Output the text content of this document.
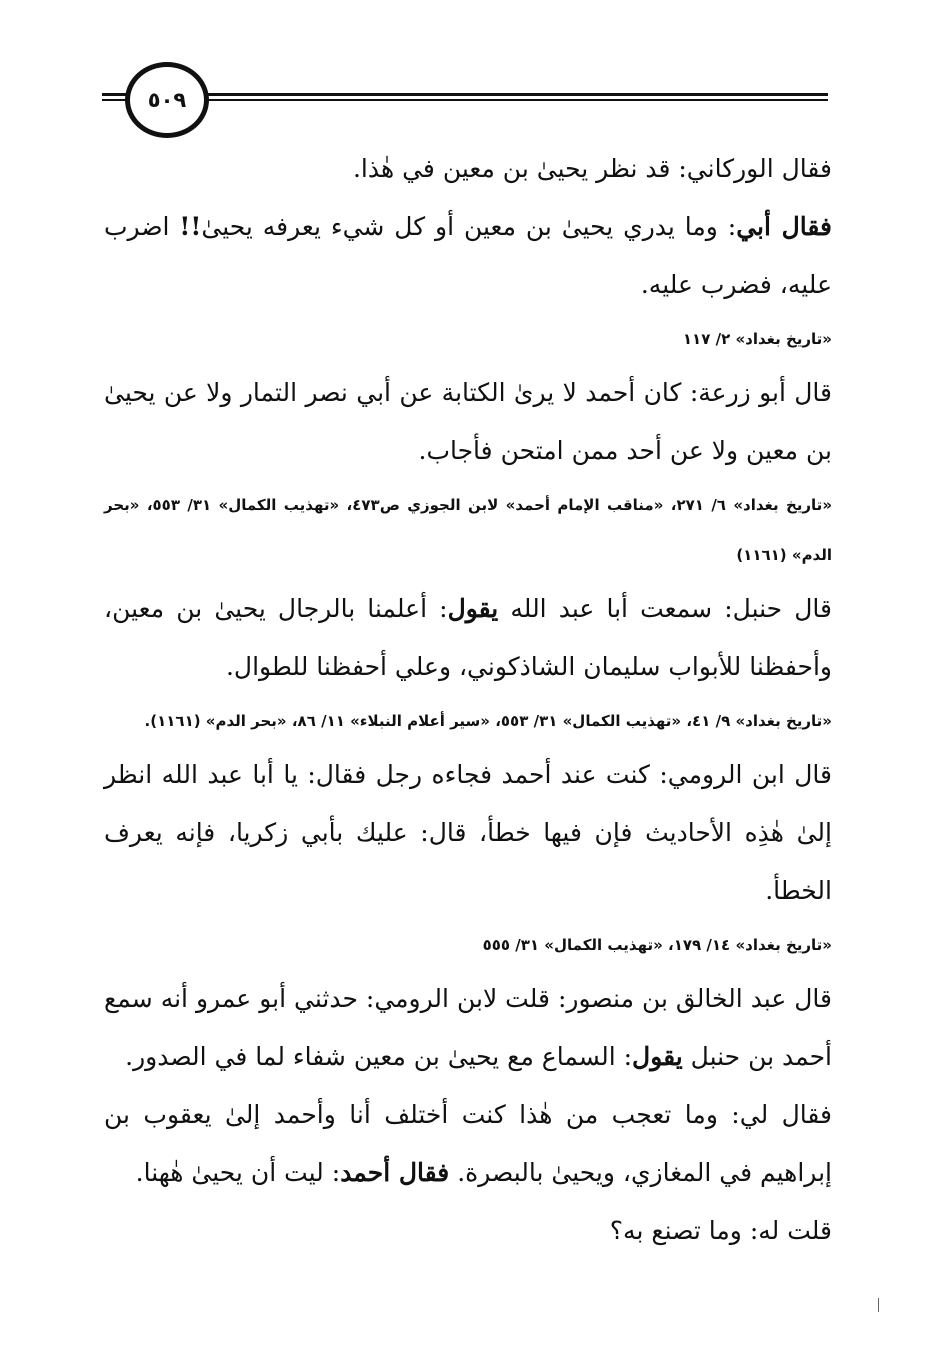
٥٠٩

فقال الوركاني: قد نظر يحيىٰ بن معين في هٰذا.

فقال أبي: وما يدري يحيىٰ بن معين أو كل شيء يعرفه يحيىٰ!! اضرب عليه، فضرب عليه.

«تاريخ بغداد» ٢/ ١١٧

قال أبو زرعة: كان أحمد لا يرىٰ الكتابة عن أبي نصر التمار ولا عن يحيىٰ بن معين ولا عن أحد ممن امتحن فأجاب.

«تاريخ بغداد» ٦/ ٢٧١، «مناقب الإمام أحمد» لابن الجوزي ص٤٧٣، «تهذيب الكمال» ٣١/ ٥٥٣، «بحر الدم» (١١٦١)

قال حنبل: سمعت أبا عبد الله يقول: أعلمنا بالرجال يحيىٰ بن معين، وأحفظنا للأبواب سليمان الشاذكوني، وعلي أحفظنا للطوال.

«تاريخ بغداد» ٩/ ٤١، «تهذيب الكمال» ٣١/ ٥٥٣، «سير أعلام النبلاء» ١١/ ٨٦، «بحر الدم» (١١٦١).

قال ابن الرومي: كنت عند أحمد فجاءه رجل فقال: يا أبا عبد الله انظر إلىٰ هٰذِه الأحاديث فإن فيها خطأ، قال: عليك بأبي زكريا، فإنه يعرف الخطأ.

«تاريخ بغداد» ١٤/ ١٧٩، «تهذيب الكمال» ٣١/ ٥٥٥

قال عبد الخالق بن منصور: قلت لابن الرومي: حدثني أبو عمرو أنه سمع أحمد بن حنبل يقول: السماع مع يحيىٰ بن معين شفاء لما في الصدور.

فقال لي: وما تعجب من هٰذا كنت أختلف أنا وأحمد إلىٰ يعقوب بن إبراهيم في المغازي، ويحيىٰ بالبصرة. فقال أحمد: ليت أن يحيىٰ هٰهنا.

قلت له: وما تصنع به؟
